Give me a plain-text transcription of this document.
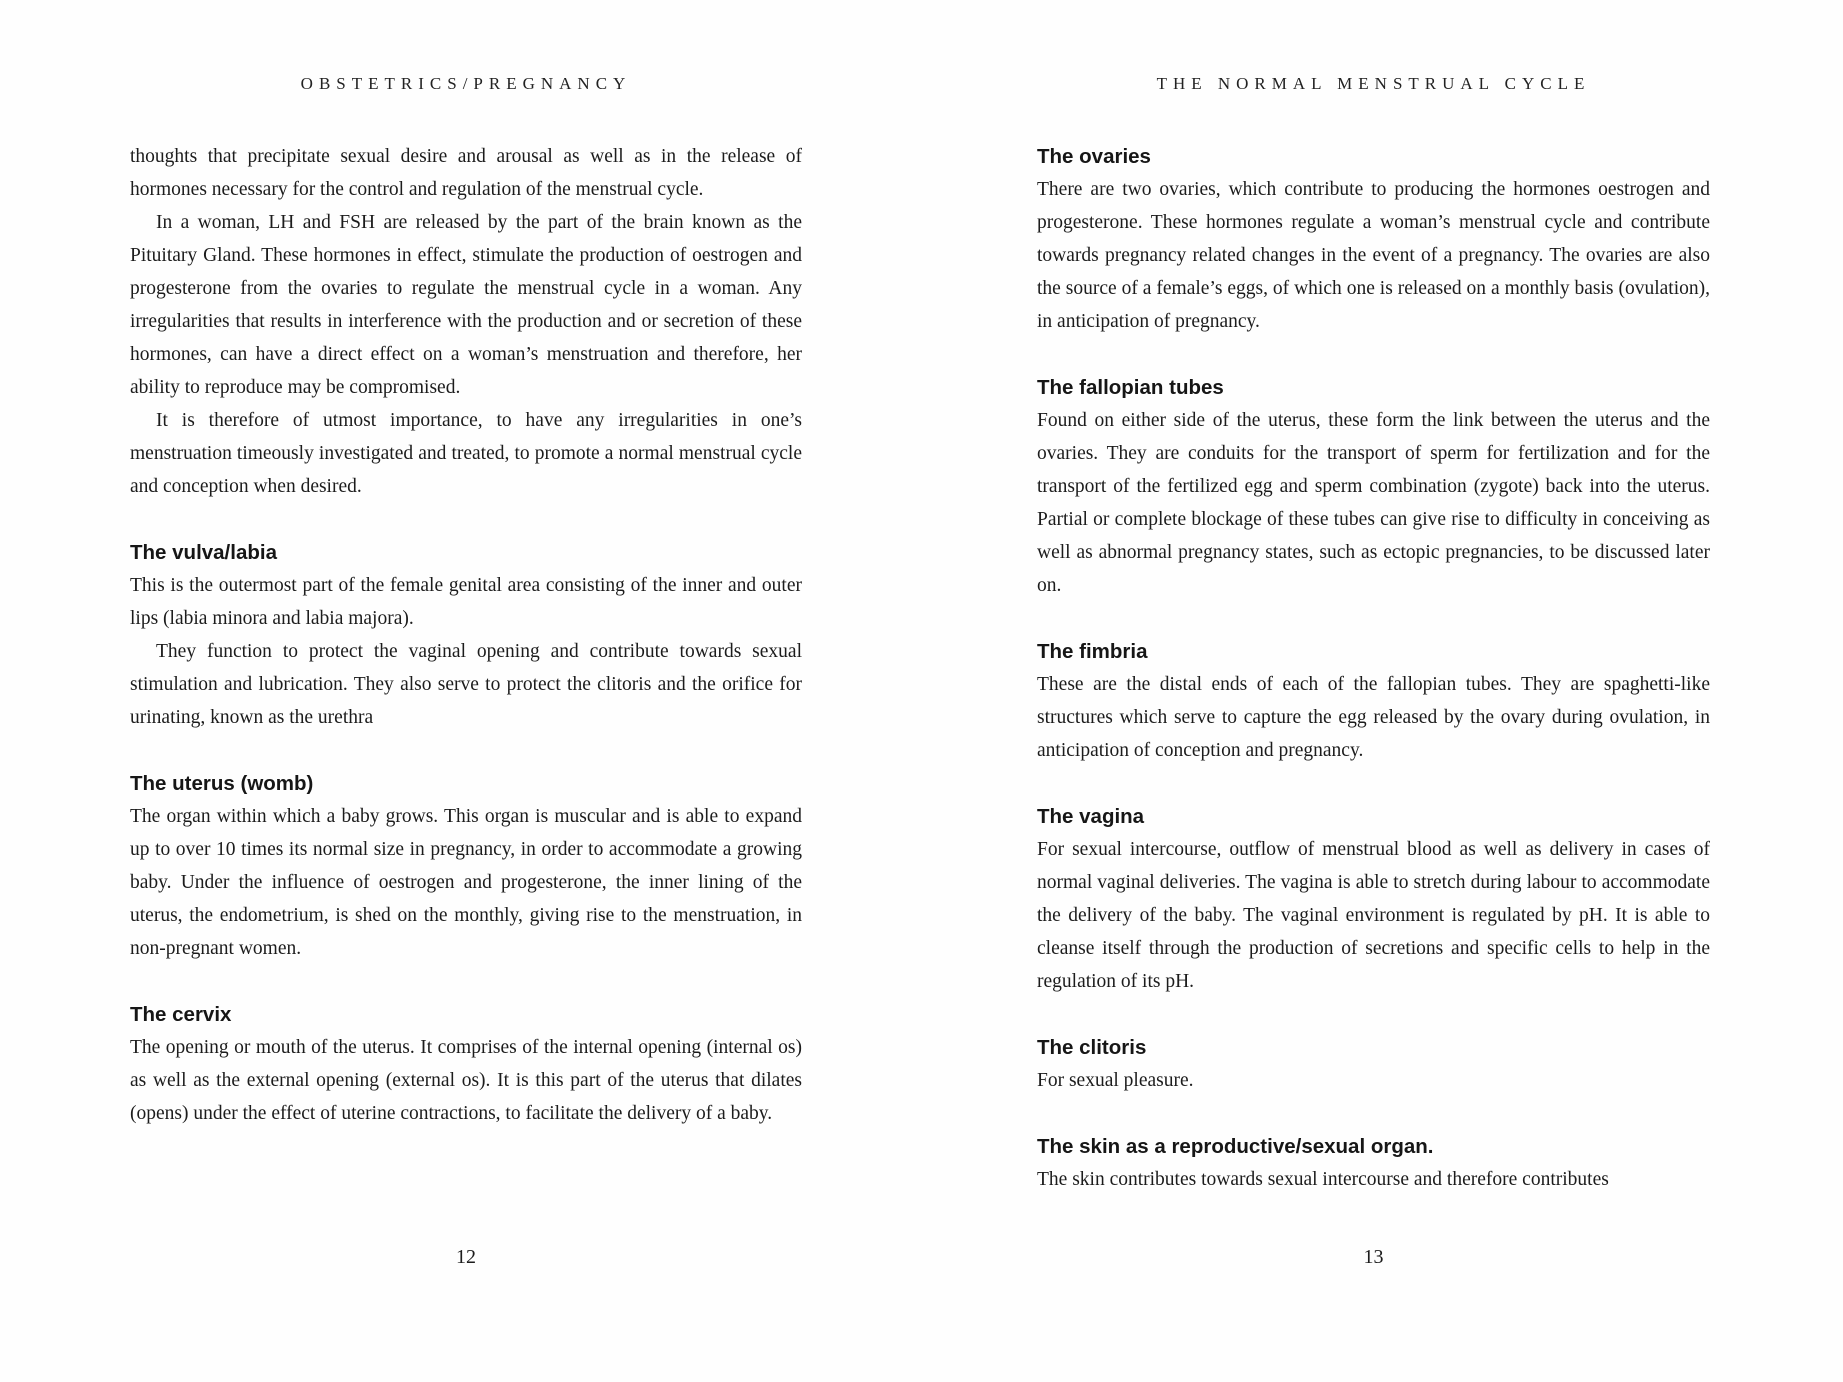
OBSTETRICS/PREGNANCY

thoughts that precipitate sexual desire and arousal as well as in the release of hormones necessary for the control and regulation of the menstrual cycle.

In a woman, LH and FSH are released by the part of the brain known as the Pituitary Gland. These hormones in effect, stimulate the production of oestrogen and progesterone from the ovaries to regulate the menstrual cycle in a woman. Any irregularities that results in interference with the production and or secretion of these hormones, can have a direct effect on a woman’s menstruation and therefore, her ability to reproduce may be compromised.

It is therefore of utmost importance, to have any irregularities in one’s menstruation timeously investigated and treated, to promote a normal menstrual cycle and conception when desired.

The vulva/labia

This is the outermost part of the female genital area consisting of the inner and outer lips (labia minora and labia majora).

They function to protect the vaginal opening and contribute towards sexual stimulation and lubrication. They also serve to protect the clitoris and the orifice for urinating, known as the urethra

The uterus (womb)

The organ within which a baby grows. This organ is muscular and is able to expand up to over 10 times its normal size in pregnancy, in order to accommodate a growing baby. Under the influence of oestrogen and progesterone, the inner lining of the uterus, the endometrium, is shed on the monthly, giving rise to the menstruation, in non-pregnant women.

The cervix

The opening or mouth of the uterus. It comprises of the internal opening (internal os) as well as the external opening (external os). It is this part of the uterus that dilates (opens) under the effect of uterine contractions, to facilitate the delivery of a baby.

12
THE NORMAL MENSTRUAL CYCLE
The ovaries

There are two ovaries, which contribute to producing the hormones oestrogen and progesterone. These hormones regulate a woman’s menstrual cycle and contribute towards pregnancy related changes in the event of a pregnancy. The ovaries are also the source of a female’s eggs, of which one is released on a monthly basis (ovulation), in anticipation of pregnancy.

The fallopian tubes

Found on either side of the uterus, these form the link between the uterus and the ovaries. They are conduits for the transport of sperm for fertilization and for the transport of the fertilized egg and sperm combination (zygote) back into the uterus. Partial or complete blockage of these tubes can give rise to difficulty in conceiving as well as abnormal pregnancy states, such as ectopic pregnancies, to be discussed later on.

The fimbria

These are the distal ends of each of the fallopian tubes. They are spaghetti-like structures which serve to capture the egg released by the ovary during ovulation, in anticipation of conception and pregnancy.

The vagina

For sexual intercourse, outflow of menstrual blood as well as delivery in cases of normal vaginal deliveries. The vagina is able to stretch during labour to accommodate the delivery of the baby. The vaginal environment is regulated by pH. It is able to cleanse itself through the production of secretions and specific cells to help in the regulation of its pH.

The clitoris

For sexual pleasure.

The skin as a reproductive/sexual organ.

The skin contributes towards sexual intercourse and therefore contributes

13
